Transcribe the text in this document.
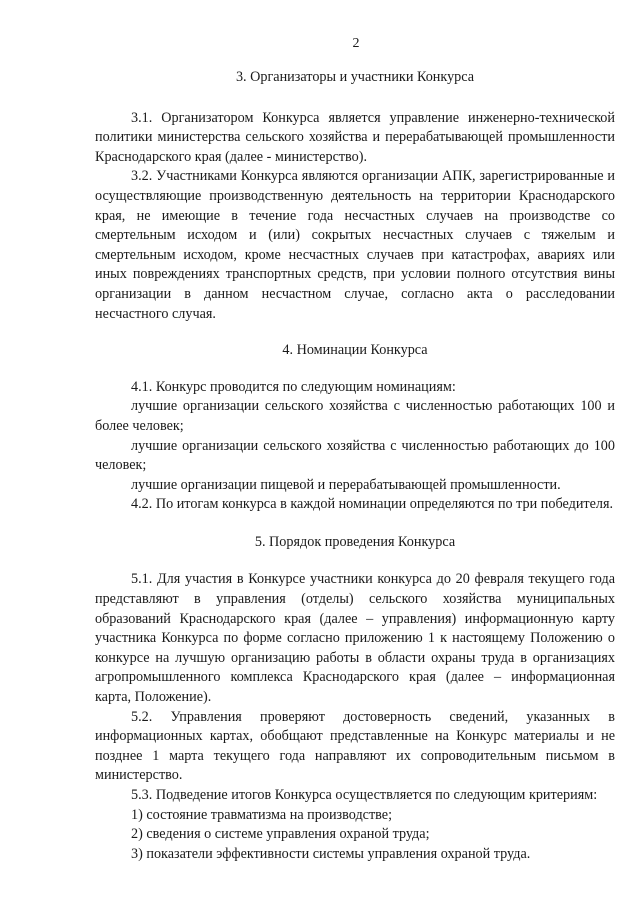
2
3. Организаторы и участники Конкурса

3.1. Организатором Конкурса является управление инженерно-технической политики министерства сельского хозяйства и перерабатывающей промышленности Краснодарского края (далее - министерство).

3.2. Участниками Конкурса являются организации АПК, зарегистрированные и осуществляющие производственную деятельность на территории Краснодарского края, не имеющие в течение года несчастных случаев на производстве со смертельным исходом и (или) сокрытых несчастных случаев с тяжелым и смертельным исходом, кроме несчастных случаев при катастрофах, авариях или иных повреждениях транспортных средств, при условии полного отсутствия вины организации в данном несчастном случае, согласно акта о расследовании несчастного случая.

4. Номинации Конкурса

4.1. Конкурс проводится по следующим номинациям:

лучшие организации сельского хозяйства с численностью работающих 100 и более человек;

лучшие организации сельского хозяйства с численностью работающих до 100 человек;

лучшие организации пищевой и перерабатывающей промышленности.

4.2. По итогам конкурса в каждой номинации определяются по три победителя.

5. Порядок проведения Конкурса

5.1. Для участия в Конкурсе участники конкурса до 20 февраля текущего года представляют в управления (отделы) сельского хозяйства муниципальных образований Краснодарского края (далее – управления) информационную карту участника Конкурса по форме согласно приложению 1 к настоящему Положению о конкурсе на лучшую организацию работы в области охраны труда в организациях агропромышленного комплекса Краснодарского края (далее – информационная карта, Положение).

5.2. Управления проверяют достоверность сведений, указанных в информационных картах, обобщают представленные на Конкурс материалы и не позднее 1 марта текущего года направляют их сопроводительным письмом в министерство.

5.3. Подведение итогов Конкурса осуществляется по следующим критериям:

1) состояние травматизма на производстве;

2) сведения о системе управления охраной труда;

3) показатели эффективности системы управления охраной труда.
